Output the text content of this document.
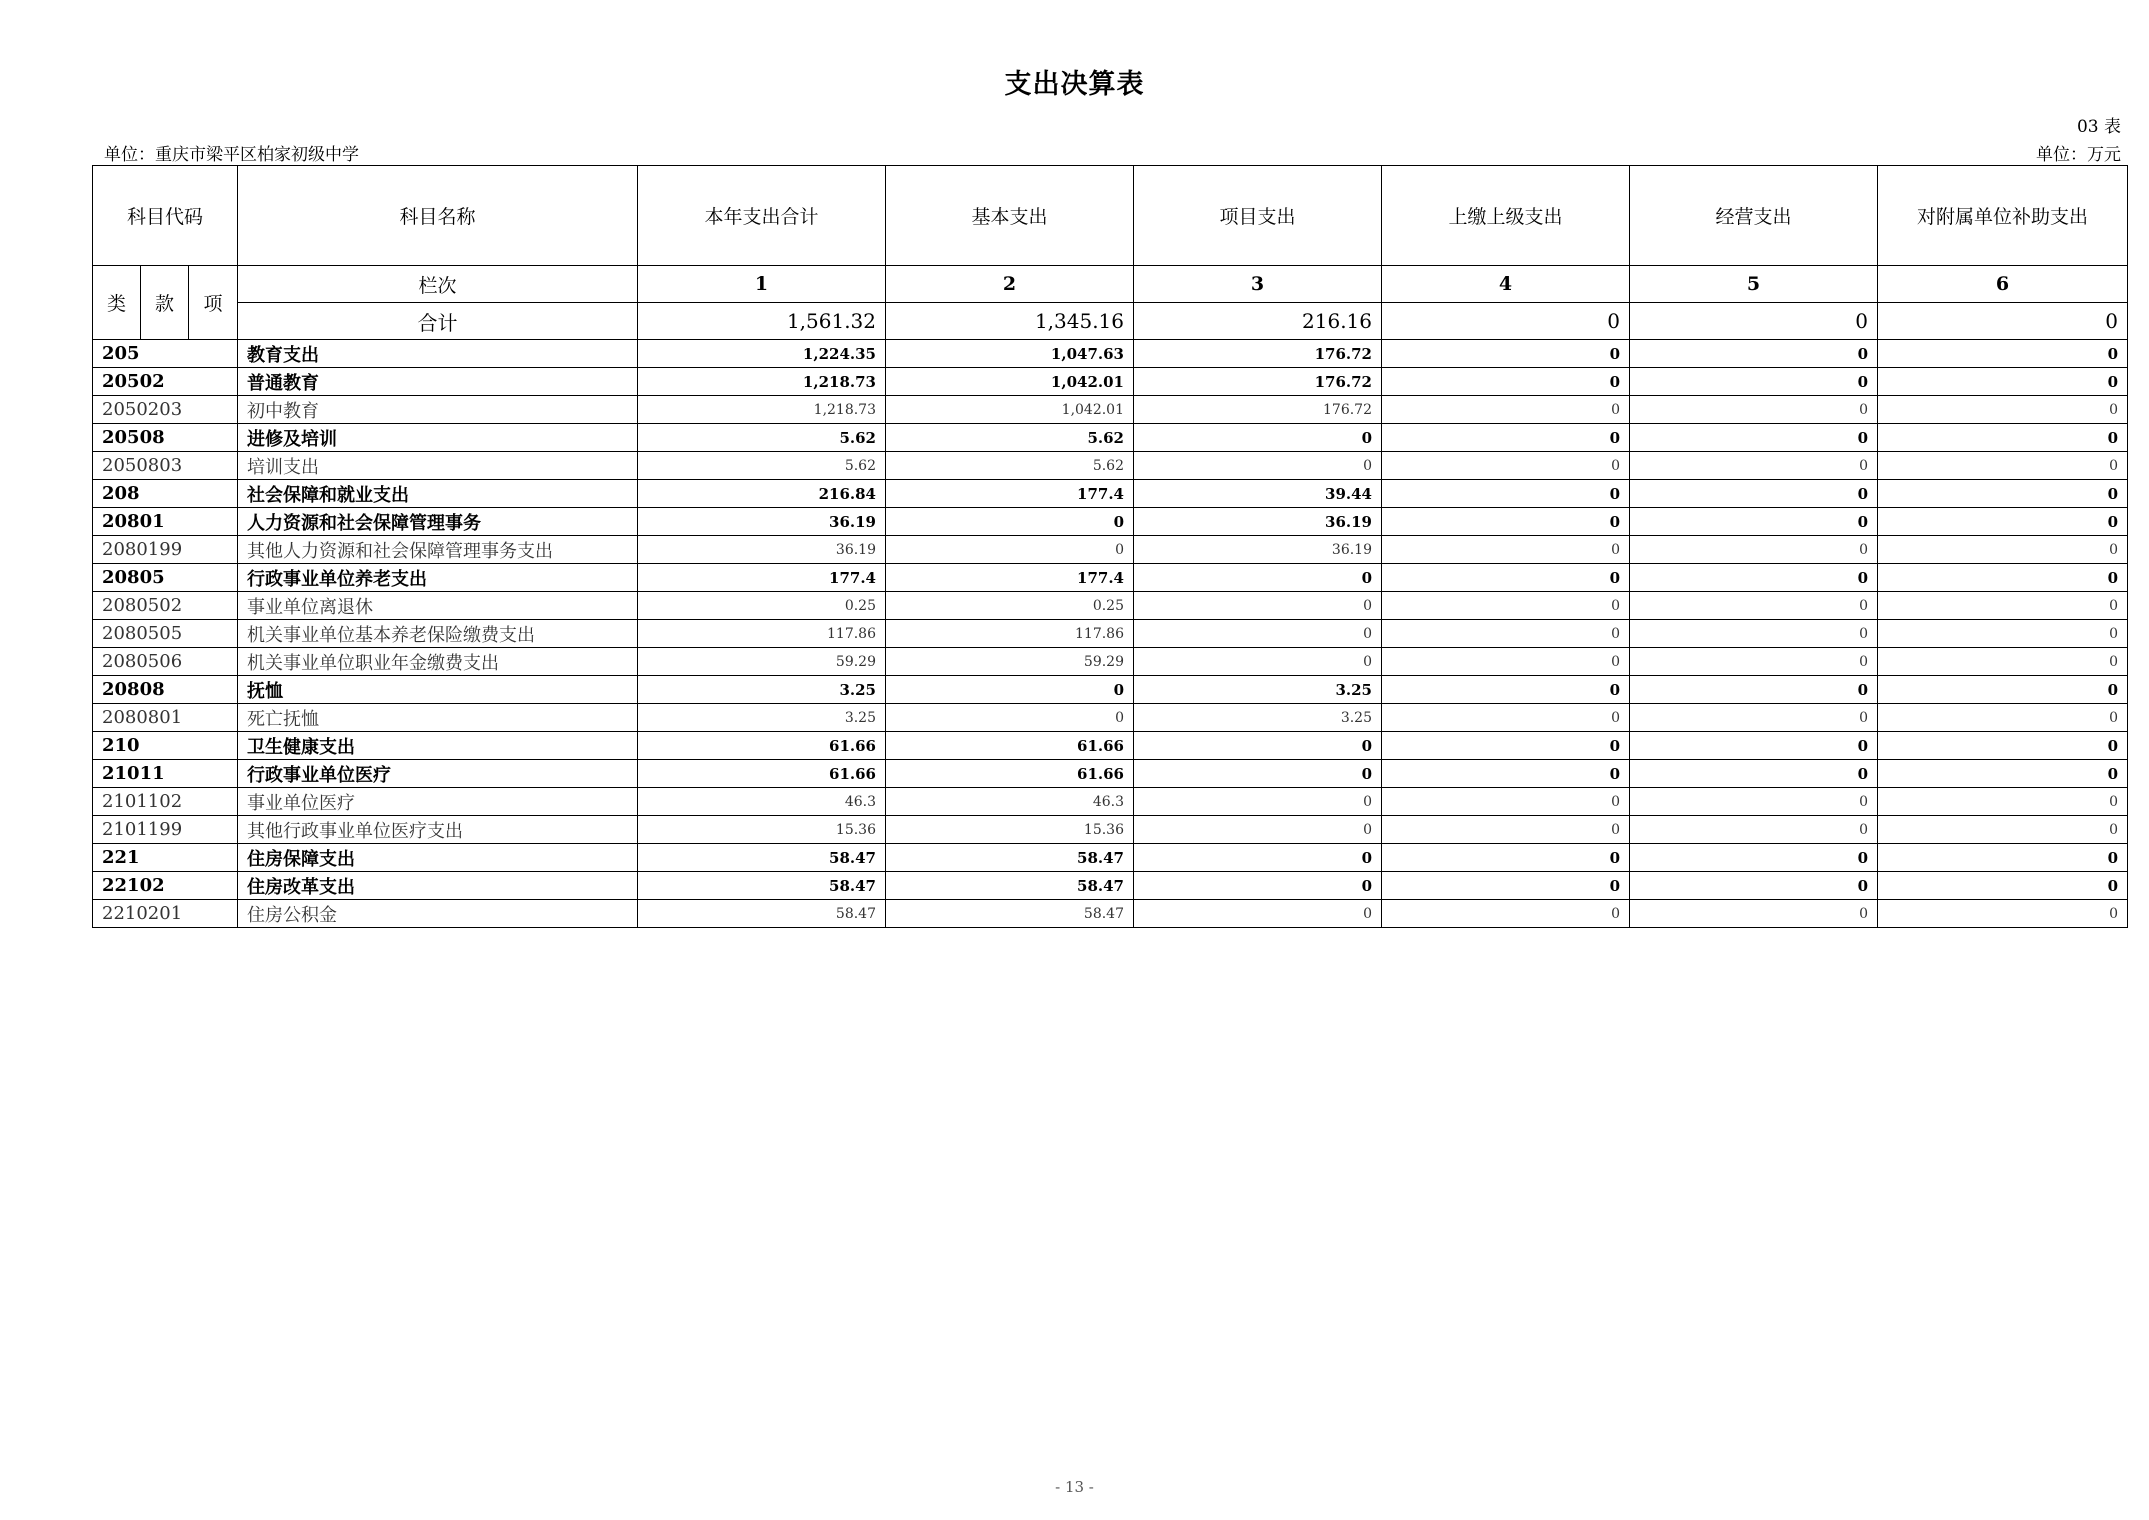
支出决算表
03 表
单位：重庆市梁平区柏家初级中学	单位：万元
科目代码			科目名称	本年支出合计	基本支出	项目支出	上缴上级支出	经营支出	对附属单位补助支出
类	款	项	栏次	1	2	3	4	5	6
			合计	1,561.32	1,345.16	216.16	0	0	0
205			教育支出	1,224.35	1,047.63	176.72	0	0	0
20502			普通教育	1,218.73	1,042.01	176.72	0	0	0
2050203			初中教育	1,218.73	1,042.01	176.72	0	0	0
20508			进修及培训	5.62	5.62	0	0	0	0
2050803			培训支出	5.62	5.62	0	0	0	0
208			社会保障和就业支出	216.84	177.4	39.44	0	0	0
20801			人力资源和社会保障管理事务	36.19	0	36.19	0	0	0
2080199			其他人力资源和社会保障管理事务支出	36.19	0	36.19	0	0	0
20805			行政事业单位养老支出	177.4	177.4	0	0	0	0
2080502			事业单位离退休	0.25	0.25	0	0	0	0
2080505			机关事业单位基本养老保险缴费支出	117.86	117.86	0	0	0	0
2080506			机关事业单位职业年金缴费支出	59.29	59.29	0	0	0	0
20808			抚恤	3.25	0	3.25	0	0	0
2080801			死亡抚恤	3.25	0	3.25	0	0	0
210			卫生健康支出	61.66	61.66	0	0	0	0
21011			行政事业单位医疗	61.66	61.66	0	0	0	0
2101102			事业单位医疗	46.3	46.3	0	0	0	0
2101199			其他行政事业单位医疗支出	15.36	15.36	0	0	0	0
221			住房保障支出	58.47	58.47	0	0	0	0
22102			住房改革支出	58.47	58.47	0	0	0	0
2210201			住房公积金	58.47	58.47	0	0	0	0
- 13 -
